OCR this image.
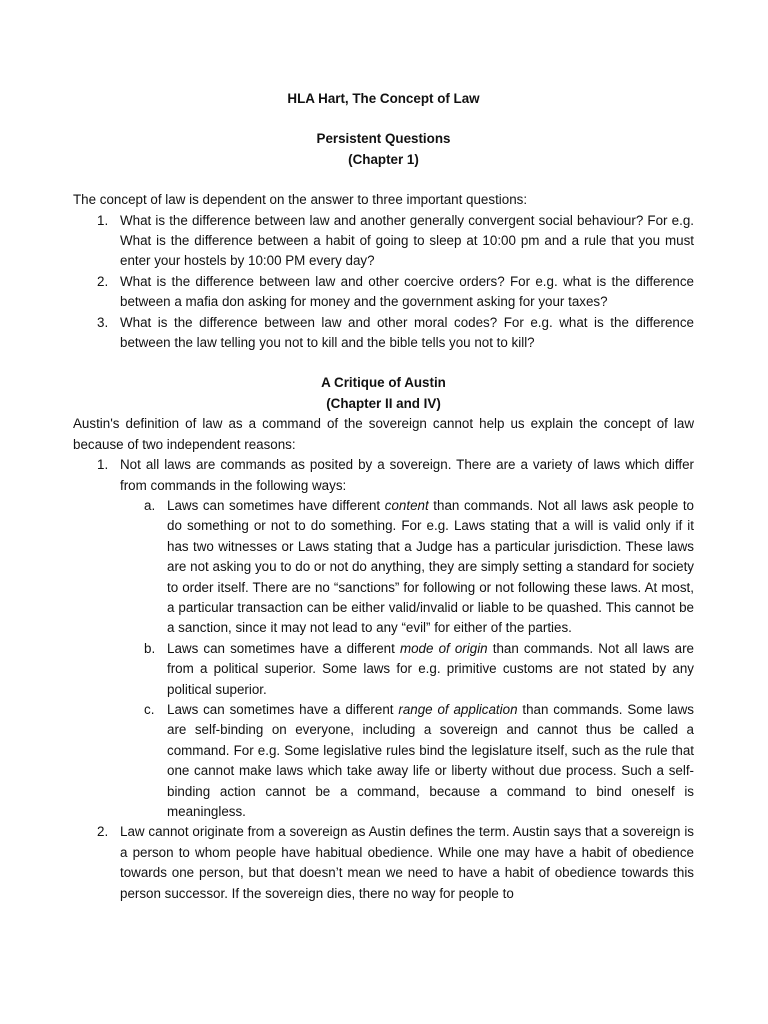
HLA Hart, The Concept of Law
Persistent Questions
(Chapter 1)
The concept of law is dependent on the answer to three important questions:
1. What is the difference between law and another generally convergent social behaviour? For e.g. What is the difference between a habit of going to sleep at 10:00 pm and a rule that you must enter your hostels by 10:00 PM every day?
2. What is the difference between law and other coercive orders? For e.g. what is the difference between a mafia don asking for money and the government asking for your taxes?
3. What is the difference between law and other moral codes? For e.g. what is the difference between the law telling you not to kill and the bible tells you not to kill?
A Critique of Austin
(Chapter II and IV)
Austin's definition of law as a command of the sovereign cannot help us explain the concept of law because of two independent reasons:
1. Not all laws are commands as posited by a sovereign. There are a variety of laws which differ from commands in the following ways:
a. Laws can sometimes have different content than commands. Not all laws ask people to do something or not to do something. For e.g. Laws stating that a will is valid only if it has two witnesses or Laws stating that a Judge has a particular jurisdiction. These laws are not asking you to do or not do anything, they are simply setting a standard for society to order itself. There are no “sanctions” for following or not following these laws. At most, a particular transaction can be either valid/invalid or liable to be quashed. This cannot be a sanction, since it may not lead to any “evil” for either of the parties.
b. Laws can sometimes have a different mode of origin than commands. Not all laws are from a political superior. Some laws for e.g. primitive customs are not stated by any political superior.
c. Laws can sometimes have a different range of application than commands. Some laws are self-binding on everyone, including a sovereign and cannot thus be called a command. For e.g. Some legislative rules bind the legislature itself, such as the rule that one cannot make laws which take away life or liberty without due process. Such a self-binding action cannot be a command, because a command to bind oneself is meaningless.
2. Law cannot originate from a sovereign as Austin defines the term. Austin says that a sovereign is a person to whom people have habitual obedience. While one may have a habit of obedience towards one person, but that doesn’t mean we need to have a habit of obedience towards this person successor. If the sovereign dies, there no way for people to
